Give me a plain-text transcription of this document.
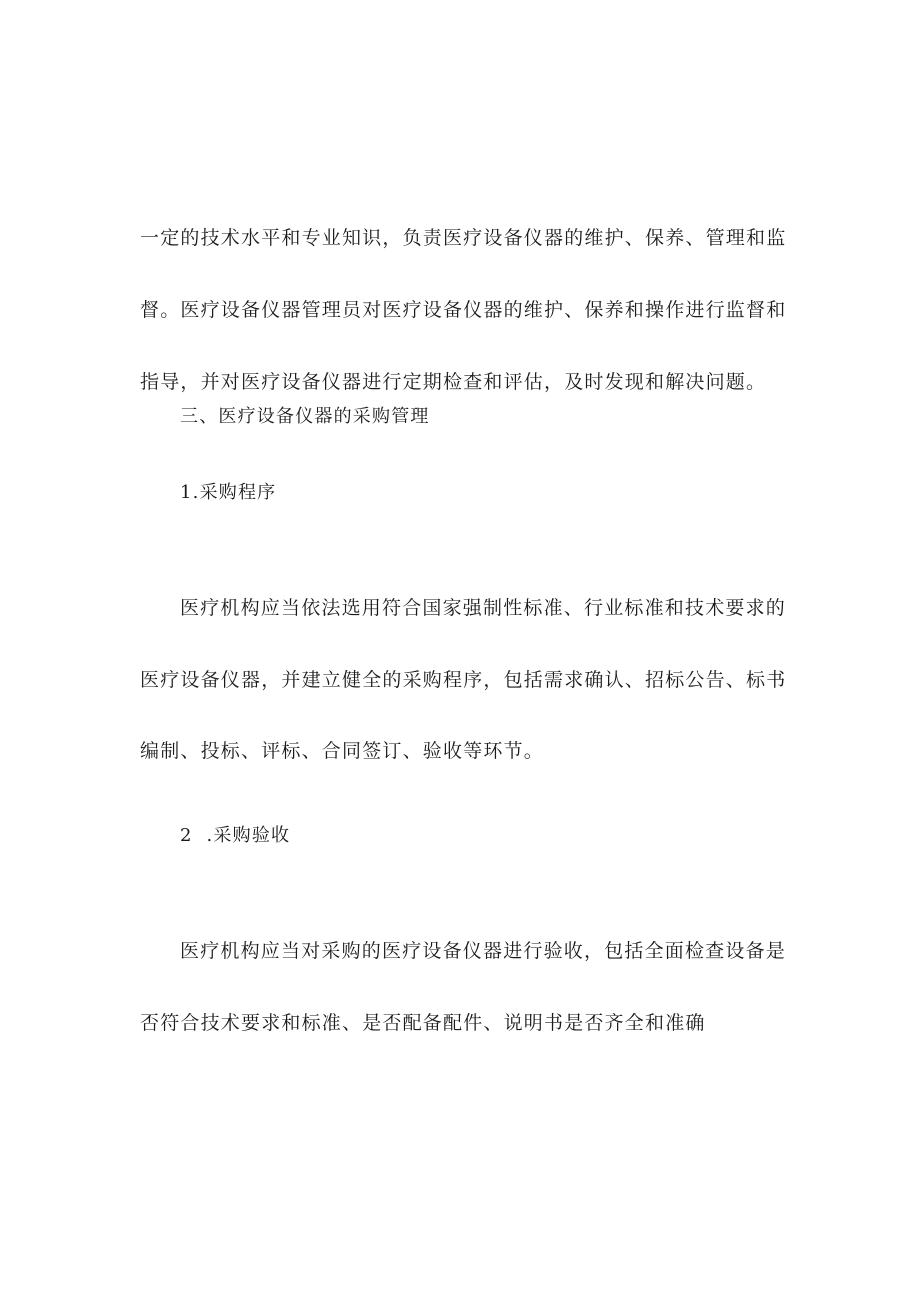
一定的技术水平和专业知识，负责医疗设备仪器的维护、保养、管理和监
督。医疗设备仪器管理员对医疗设备仪器的维护、保养和操作进行监督和
指导，并对医疗设备仪器进行定期检查和评估，及时发现和解决问题。
三、医疗设备仪器的采购管理
1.采购程序
医疗机构应当依法选用符合国家强制性标准、行业标准和技术要求的
医疗设备仪器，并建立健全的采购程序，包括需求确认、招标公告、标书
编制、投标、评标、合同签订、验收等环节。
2  .采购验收
医疗机构应当对采购的医疗设备仪器进行验收，包括全面检查设备是
否符合技术要求和标准、是否配备配件、说明书是否齐全和准确
